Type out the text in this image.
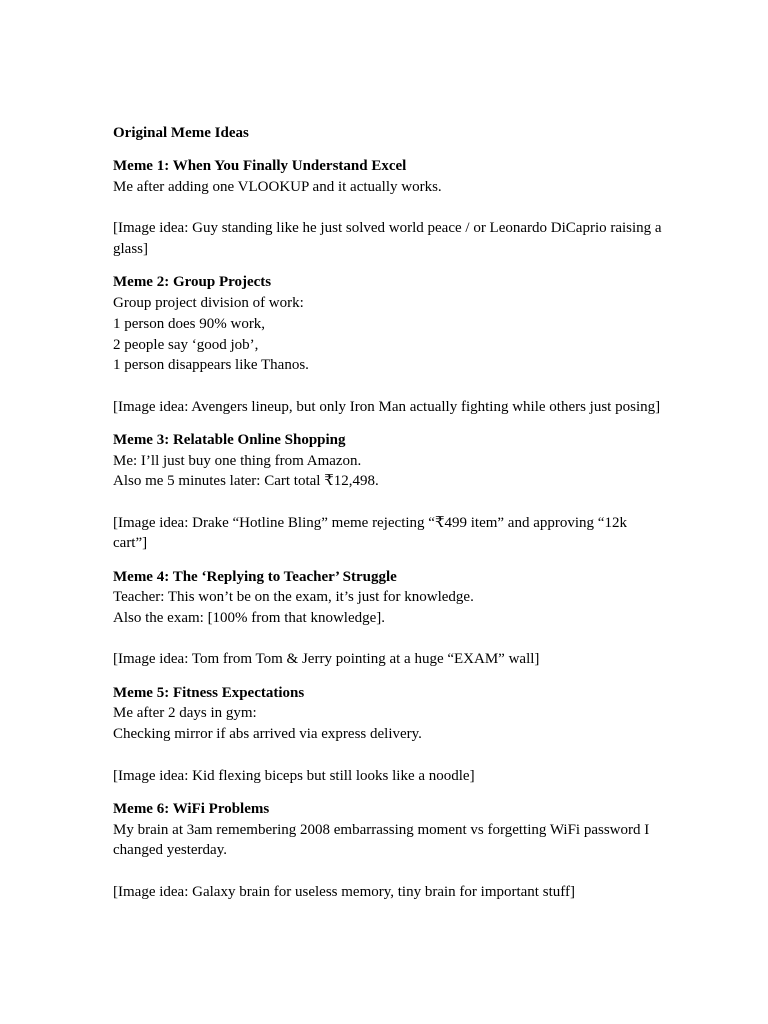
Original Meme Ideas
Meme 1: When You Finally Understand Excel
Me after adding one VLOOKUP and it actually works.
[Image idea: Guy standing like he just solved world peace / or Leonardo DiCaprio raising a glass]
Meme 2: Group Projects
Group project division of work:
1 person does 90% work,
2 people say ‘good job’,
1 person disappears like Thanos.
[Image idea: Avengers lineup, but only Iron Man actually fighting while others just posing]
Meme 3: Relatable Online Shopping
Me: I’ll just buy one thing from Amazon.
Also me 5 minutes later: Cart total ₹12,498.
[Image idea: Drake “Hotline Bling” meme rejecting “₹499 item” and approving “12k cart”]
Meme 4: The ‘Replying to Teacher’ Struggle
Teacher: This won’t be on the exam, it’s just for knowledge.
Also the exam: [100% from that knowledge].
[Image idea: Tom from Tom & Jerry pointing at a huge “EXAM” wall]
Meme 5: Fitness Expectations
Me after 2 days in gym:
Checking mirror if abs arrived via express delivery.
[Image idea: Kid flexing biceps but still looks like a noodle]
Meme 6: WiFi Problems
My brain at 3am remembering 2008 embarrassing moment vs forgetting WiFi password I changed yesterday.
[Image idea: Galaxy brain for useless memory, tiny brain for important stuff]
